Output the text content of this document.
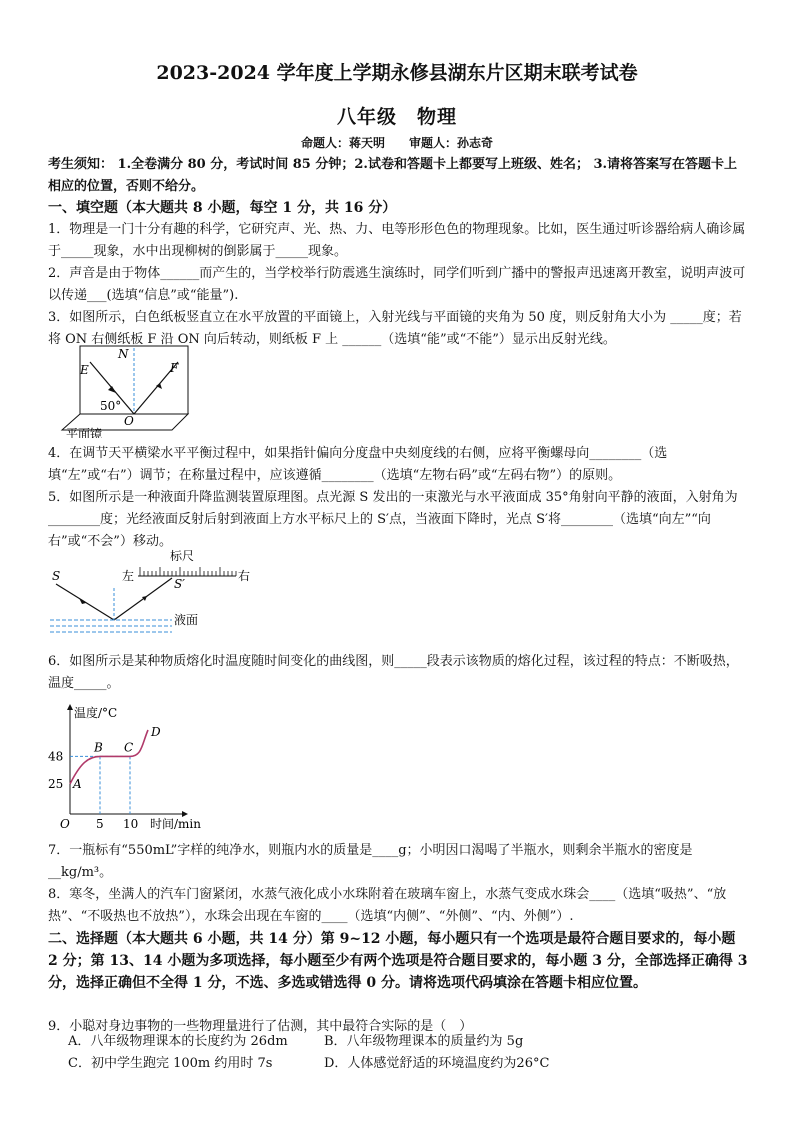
2023-2024 学年度上学期永修县湖东片区期末联考试卷
八年级　物理
命题人：蒋天明　　审题人：孙志奇
考生须知： 1.全卷满分 80 分，考试时间 85 分钟；2.试卷和答题卡上都要写上班级、姓名； 3.请将答案写在答题卡上相应的位置，否则不给分。
一、填空题（本大题共 8 小题，每空 1 分，共 16 分）
1．物理是一门十分有趣的科学，它研究声、光、热、力、电等形形色色的物理现象。比如，医生通过听诊器给病人确诊属于_____现象，水中出现柳树的倒影属于_____现象。
2．声音是由于物体______而产生的，当学校举行防震逃生演练时，同学们听到广播中的警报声迅速离开教室，说明声波可以传递___(选填“信息”或“能量”).
3．如图所示，白色纸板竖直立在水平放置的平面镜上，入射光线与平面镜的夹角为 50 度，则反射角大小为 _____度；若将 ON 右侧纸板 F 沿 ON 向后转动，则纸板 F 上 ______（选填“能”或“不能”）显示出反射光线。
N
E	F
50°
O
平面镜
4．在调节天平横梁水平平衡过程中，如果指针偏向分度盘中央刻度线的右侧，应将平衡螺母向________（选填“左”或“右”）调节；在称量过程中，应该遵循________（选填“左物右码”或“左码右物”）的原则。
5．如图所示是一种液面升降监测装置原理图。点光源 S 发出的一束激光与水平液面成 35°角射向平静的液面，入射角为________度；光经液面反射后射到液面上方水平标尺上的 S′点，当液面下降时，光点 S′将________（选填“向左”“向右”或“不会”）移动。
标尺
左	右
S
S′
液面
6．如图所示是某种物质熔化时温度随时间变化的曲线图，则_____段表示该物质的熔化过程，该过程的特点：不断吸热，温度_____。
温度/°C
时间/min
O
48
25
5 10
A
B C
D
7．一瓶标有“550mL”字样的纯净水，则瓶内水的质量是____g；小明因口渴喝了半瓶水，则剩余半瓶水的密度是__kg/m³。
8．寒冬，坐满人的汽车门窗紧闭，水蒸气液化成小水珠附着在玻璃车窗上，水蒸气变成水珠会____（选填“吸热”、“放热”、“不吸热也不放热”），水珠会出现在车窗的____（选填“内侧”、“外侧”、“内、外侧”）.
二、选择题（本大题共 6 小题，共 14 分）第 9~12 小题，每小题只有一个选项是最符合题目要求的，每小题 2 分；第 13、14 小题为多项选择，每小题至少有两个选项是符合题目要求的，每小题 3 分，全部选择正确得 3 分，选择正确但不全得 1 分，不选、多选或错选得 0 分。请将选项代码填涂在答题卡相应位置。
9．小聪对身边事物的一些物理量进行了估测，其中最符合实际的是（　）
A．八年级物理课本的长度约为 26dm	B．八年级物理课本的质量约为 5g
C．初中学生跑完 100m 约用时 7s	D．人体感觉舒适的环境温度约为26°C
